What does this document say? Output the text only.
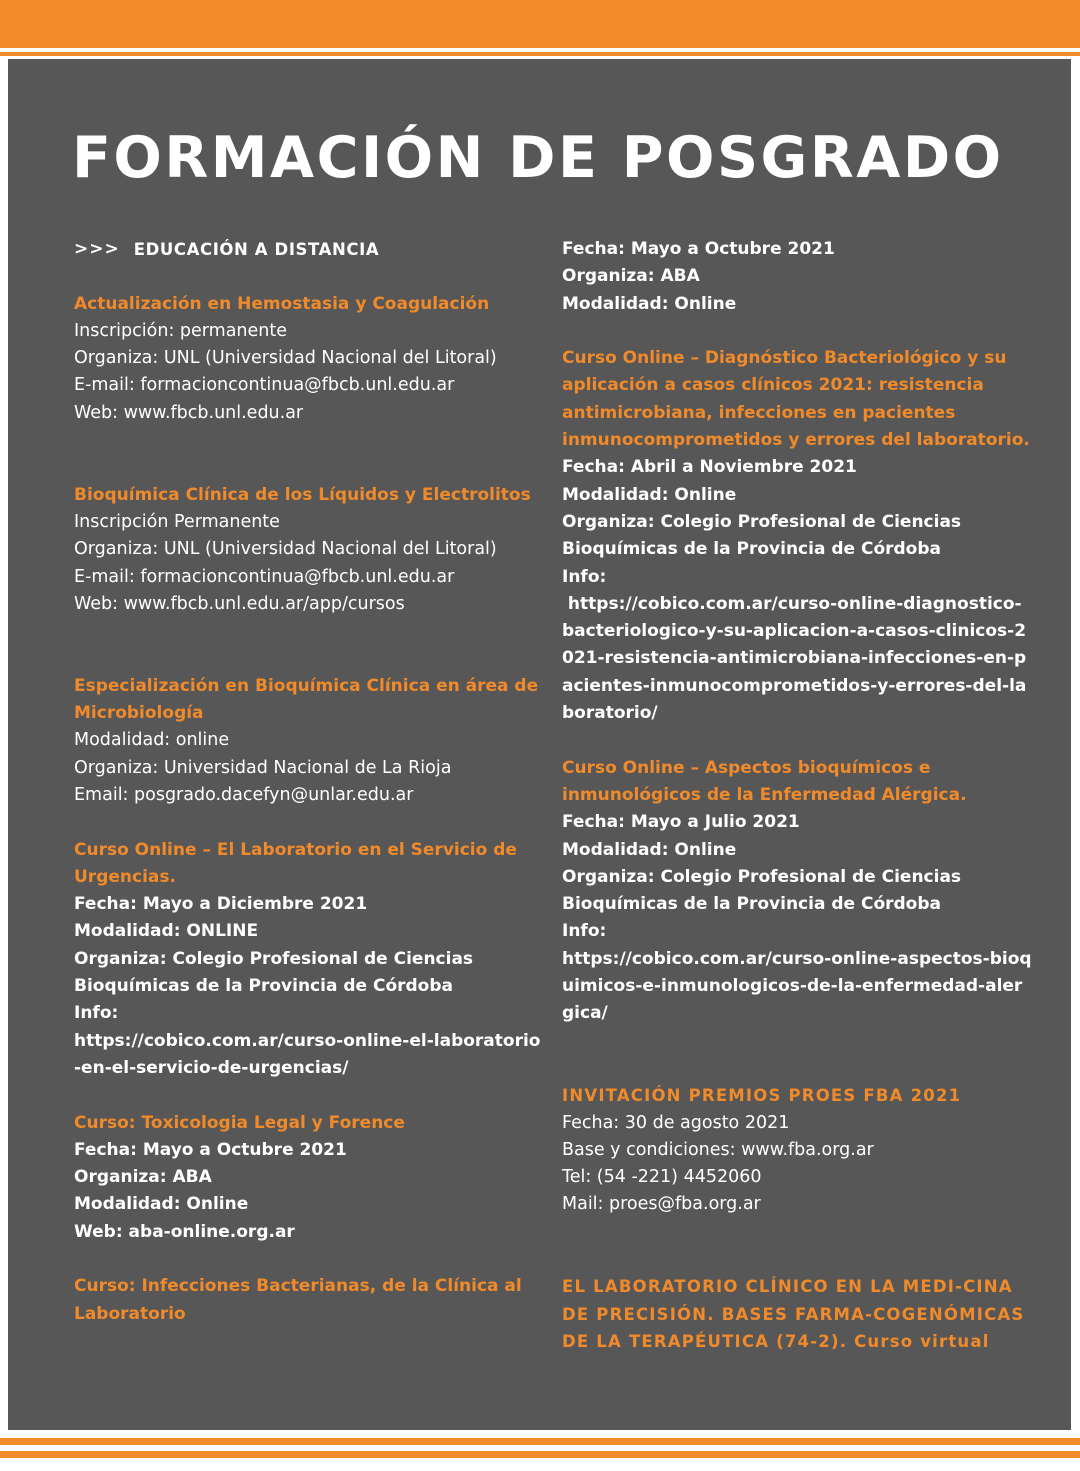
FORMACIÓN DE POSGRADO
>>> EDUCACIÓN A DISTANCIA
Actualización en Hemostasia y Coagulación
Inscripción: permanente
Organiza: UNL (Universidad Nacional del Litoral)
E-mail: formacioncontinua@fbcb.unl.edu.ar
Web: www.fbcb.unl.edu.ar
Bioquímica Clínica de los Líquidos y Electrolitos
Inscripción Permanente
Organiza: UNL (Universidad Nacional del Litoral)
E-mail: formacioncontinua@fbcb.unl.edu.ar
Web: www.fbcb.unl.edu.ar/app/cursos
Especialización en Bioquímica Clínica en área de Microbiología
Modalidad: online
Organiza: Universidad Nacional de La Rioja
Email: posgrado.dacefyn@unlar.edu.ar
Curso Online – El Laboratorio en el Servicio de Urgencias.
Fecha: Mayo a Diciembre 2021
Modalidad: ONLINE
Organiza: Colegio Profesional de Ciencias Bioquímicas de la Provincia de Córdoba
Info:
https://cobico.com.ar/curso-online-el-laboratorio-en-el-servicio-de-urgencias/
Curso: Toxicologia Legal y Forence
Fecha: Mayo a Octubre 2021
Organiza: ABA
Modalidad: Online
Web: aba-online.org.ar
Curso: Infecciones Bacterianas, de la Clínica al Laboratorio
Fecha: Mayo a Octubre 2021
Organiza: ABA
Modalidad: Online
Curso Online – Diagnóstico Bacteriológico y su aplicación a casos clínicos 2021: resistencia antimicrobiana, infecciones en pacientes inmunocomprometidos y errores del laboratorio.
Fecha: Abril a Noviembre 2021
Modalidad: Online
Organiza: Colegio Profesional de Ciencias Bioquímicas de la Provincia de Córdoba
Info:
https://cobico.com.ar/curso-online-diagnostico-bacteriologico-y-su-aplicacion-a-casos-clinicos-2021-resistencia-antimicrobiana-infecciones-en-pacientes-inmunocomprometidos-y-errores-del-laboratorio/
Curso Online – Aspectos bioquímicos e inmunológicos de la Enfermedad Alérgica.
Fecha: Mayo a Julio 2021
Modalidad: Online
Organiza: Colegio Profesional de Ciencias Bioquímicas de la Provincia de Córdoba
Info:
https://cobico.com.ar/curso-online-aspectos-bioquimicos-e-inmunologicos-de-la-enfermedad-alergica/
INVITACIÓN PREMIOS PROES FBA 2021
Fecha: 30 de agosto 2021
Base y condiciones: www.fba.org.ar
Tel: (54 -221) 4452060
Mail: proes@fba.org.ar
EL LABORATORIO CLÍNICO EN LA MEDI-CINA DE PRECISIÓN. BASES FARMA-COGENÓMICAS DE LA TERAPÉUTICA (74-2). Curso virtual
